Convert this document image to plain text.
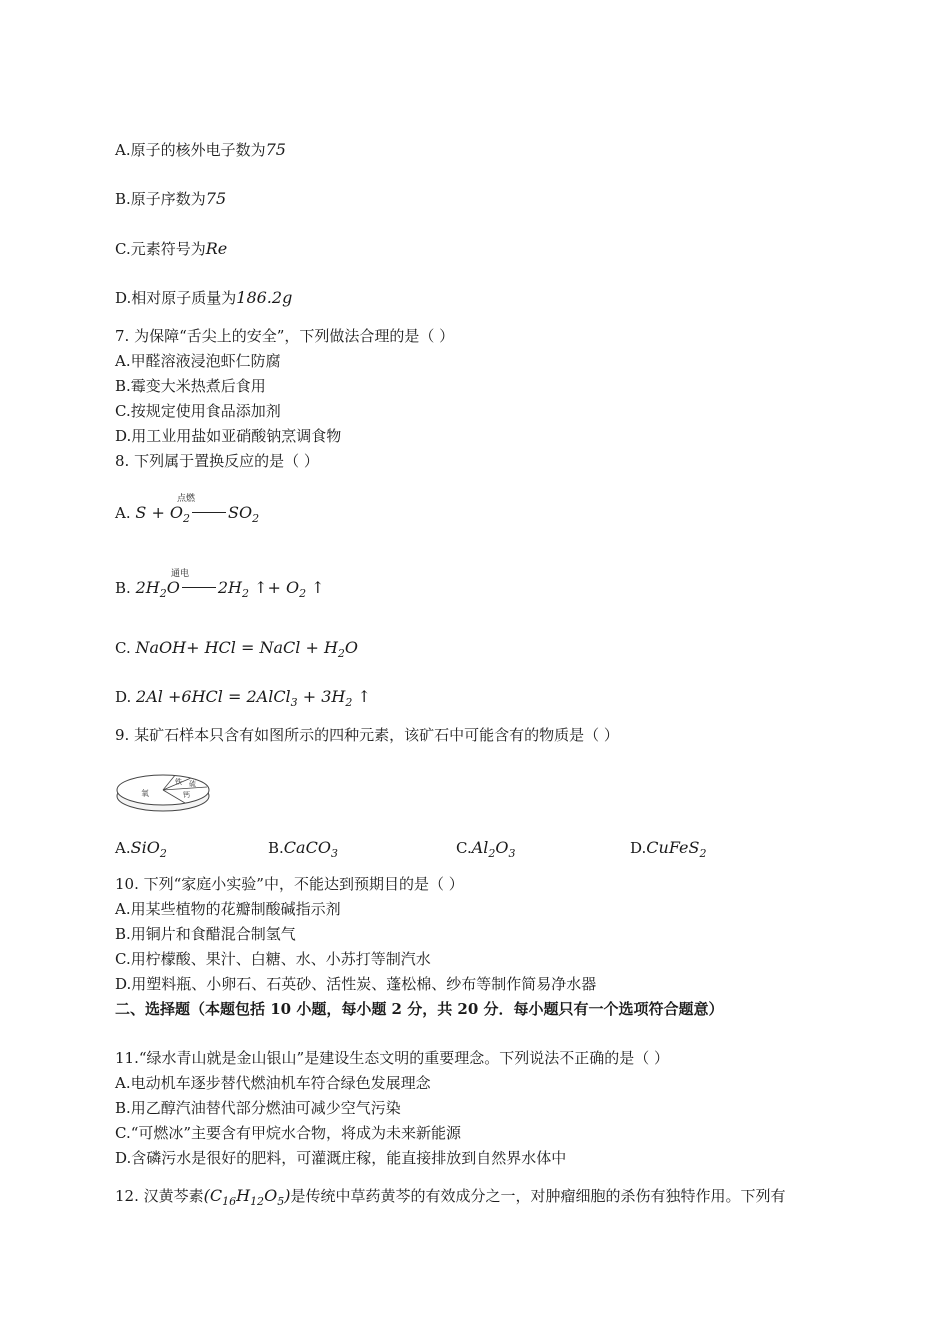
A.原子的核外电子数为75
B.原子序数为75
C.元素符号为Re
D.相对原子质量为186.2g
7. 为保障“舌尖上的安全”，下列做法合理的是（ ）
A.甲醛溶液浸泡虾仁防腐
B.霉变大米热煮后食用
C.按规定使用食品添加剂
D.用工业用盐如亚硝酸钠烹调食物
8. 下列属于置换反应的是（ ）
A. $S + O_2$ $SO_2$
点燃
B. $2H_2O$ $2H_2$ ↑+ $O_2$ ↑
通电
C. NaOH+ HCl = NaCl + $H_2O$
D. 2Al +6HCl = 2AlCl$_3$ + $3H_2$ ↑
9. 某矿石样本只含有如图所示的四种元素，该矿石中可能含有的物质是（ ）
氧
铁 硫
钙
A.SiO$_2$	B.CaCO$_3$	$C.Al_2O_3$	D.CuFeS$_2$
10. 下列“家庭小实验”中，不能达到预期目的是（ ）
A.用某些植物的花瓣制酸碱指示剂
B.用铜片和食醋混合制氢气
C.用柠檬酸、果汁、白糖、水、小苏打等制汽水
D.用塑料瓶、小卵石、石英砂、活性炭、蓬松棉、纱布等制作简易净水器
二、选择题（本题包括 10 小题，每小题 2 分，共 20 分．每小题只有一个选项符合题意）
11.“绿水青山就是金山银山”是建设生态文明的重要理念。下列说法不正确的是（ ）
A.电动机车逐步替代燃油机车符合绿色发展理念
B.用乙醇汽油替代部分燃油可减少空气污染
C.“可燃冰”主要含有甲烷水合物，将成为未来新能源
D.含磷污水是很好的肥料，可灌溉庄稼，能直接排放到自然界水体中
12. 汉黄芩素$(C_{16}H_{12}O_5)$是传统中草药黄芩的有效成分之一，对肿瘤细胞的杀伤有独特作用。下列有
